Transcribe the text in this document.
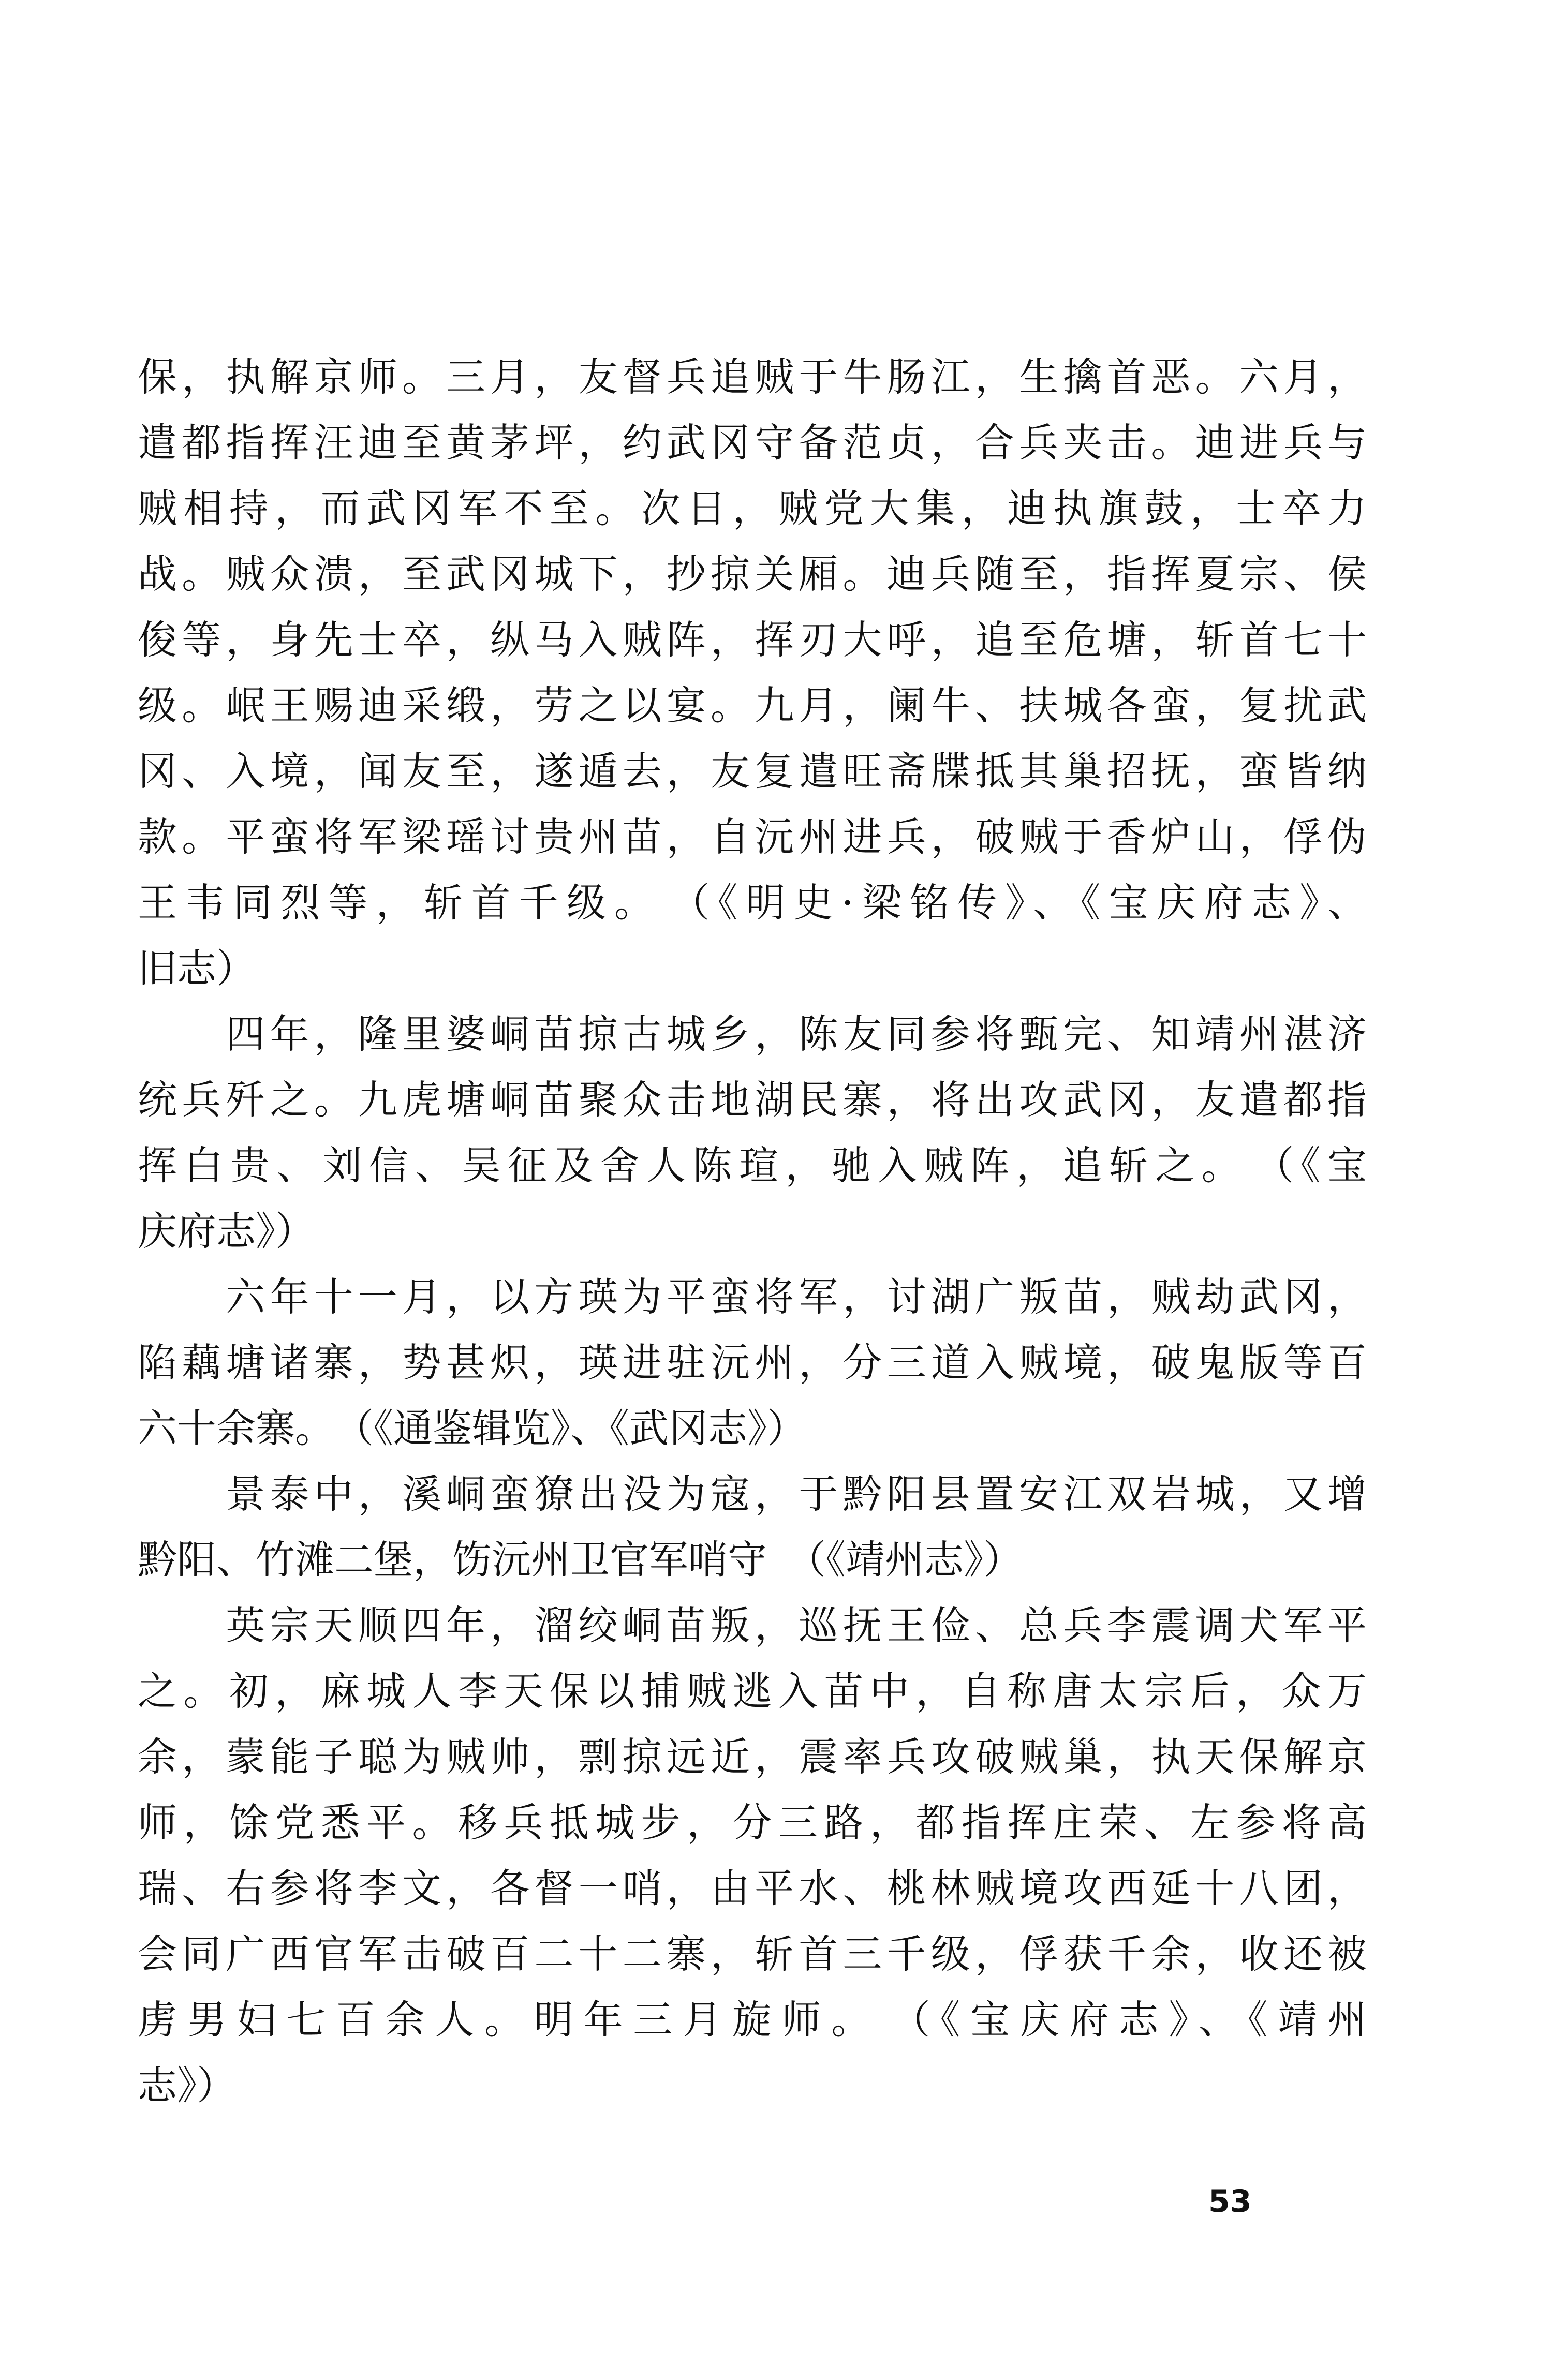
保，执解京师。三月，友督兵追贼于牛肠江，生擒首恶。六月，
遣都指挥汪迪至黄茅坪，约武冈守备范贞，合兵夹击。迪进兵与
贼相持，而武冈军不至。次日，贼党大集，迪执旗鼓，士卒力
战。贼众溃，至武冈城下，抄掠关厢。迪兵随至，指挥夏宗、侯
俊等，身先士卒，纵马入贼阵，挥刃大呼，追至危塘，斩首七十
级。岷王赐迪采缎，劳之以宴。九月，阑牛、扶城各蛮，复扰武
冈、入境，闻友至，遂遁去，友复遣旺斋牒抵其巢招抚，蛮皆纳
款。平蛮将军梁瑶讨贵州苗，自沅州进兵，破贼于香炉山，俘伪
王韦同烈等，斩首千级。　（《明史·梁铭传》、《宝庆府志》、
旧志）
　　四年，隆里婆峒苗掠古城乡，陈友同参将甄完、知靖州湛济
统兵歼之。九虎塘峒苗聚众击地湖民寨，将出攻武冈，友遣都指
挥白贵、刘信、吴征及舍人陈瑄，驰入贼阵，追斩之。　（《宝
庆府志》）
　　六年十一月，以方瑛为平蛮将军，讨湖广叛苗，贼劫武冈，
陷藕塘诸寨，势甚炽，瑛进驻沅州，分三道入贼境，破鬼版等百
六十余寨。　（《通鉴辑览》、《武冈志》）
　　景泰中，溪峒蛮獠出没为寇，于黔阳县置安江双岩城，又增
黔阳、竹滩二堡，饬沅州卫官军哨守　（《靖州志》）
　　英宗天顺四年，溜绞峒苗叛，巡抚王俭、总兵李震调犬军平
之。初，麻城人李天保以捕贼逃入苗中，自称唐太宗后，众万
余，蒙能子聪为贼帅，剽掠远近，震率兵攻破贼巢，执天保解京
师，馀党悉平。移兵抵城步，分三路，都指挥庄荣、左参将高
瑞、右参将李文，各督一哨，由平水、桃林贼境攻西延十八团，
会同广西官军击破百二十二寨，斩首三千级，俘获千余，收还被
虏男妇七百余人。明年三月旋师。　（《宝庆府志》、《靖州
志》）
53
